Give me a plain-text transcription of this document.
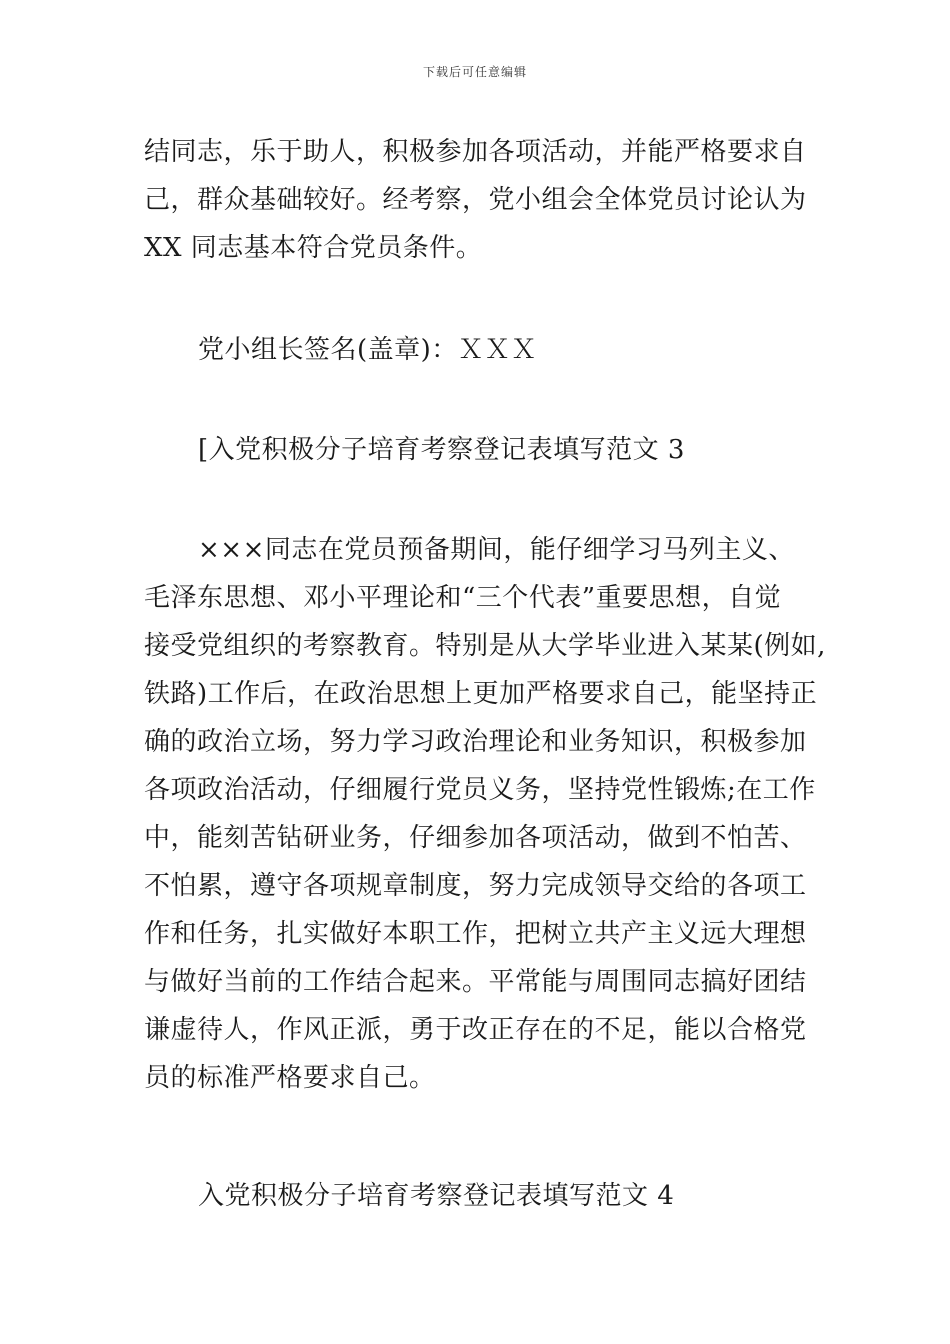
下载后可任意编辑
结同志，乐于助人，积极参加各项活动，并能严格要求自
己，群众基础较好。经考察，党小组会全体党员讨论认为
XX 同志基本符合党员条件。
党小组长签名(盖章)：ＸＸＸ
[入党积极分子培育考察登记表填写范文 3
×××同志在党员预备期间，能仔细学习马列主义、
毛泽东思想、邓小平理论和“三个代表”重要思想，自觉
接受党组织的考察教育。特别是从大学毕业进入某某(例如,
铁路)工作后，在政治思想上更加严格要求自己，能坚持正
确的政治立场，努力学习政治理论和业务知识，积极参加
各项政治活动，仔细履行党员义务，坚持党性锻炼;在工作
中，能刻苦钻研业务，仔细参加各项活动，做到不怕苦、
不怕累，遵守各项规章制度，努力完成领导交给的各项工
作和任务，扎实做好本职工作，把树立共产主义远大理想
与做好当前的工作结合起来。平常能与周围同志搞好团结
谦虚待人，作风正派，勇于改正存在的不足，能以合格党
员的标准严格要求自己。
入党积极分子培育考察登记表填写范文 4
